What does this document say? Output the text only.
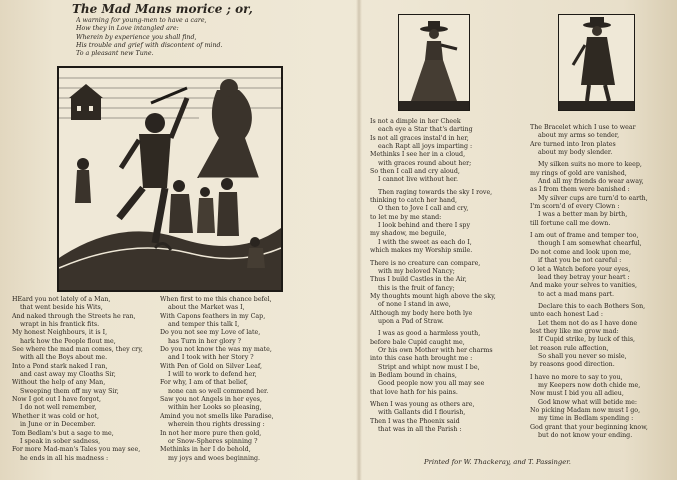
The Mad Mans morice ; or,
A warning for young-men to have a care,
How they in Love intangled are:
Wherein by experience you shall find,
His trouble and grief with discontent of mind.
To a pleasant new Tune.
HEard you not lately of a Man,
that went beside his Wits,
And naked through the Streets he ran,
wrapt in his frantick fits.
My honest Neighbours, it is I,
hark how the People flout me,
See where the mad man comes, they cry,
with all the Boys about me.
Into a Pond stark naked I ran,
and cast away my Cloaths Sir,
Without the help of any Man,
Sweeping them off my way Sir,
Now I got out I have forgot,
I do not well remember,
Whether it was cold or hot,
in June or in December.
Tom Bedlam's but a sage to me,
I speak in sober sadness,
For more Mad-man's Tales you may see,
he ends in all his madness :
When first to me this chance befel,
about the Market was I,
With Capons feathers in my Cap,
and temper this talk I,
Do you not see my Love of late,
has Turn in her glory ?
Do you not know the was my mate,
and I took with her Story ?
With Pen of Gold on Silver Leaf,
I will to work to defend her,
For why, I am of that belief,
none can so well commend her.
Saw you not Angels in her eyes,
within her Looks so pleasing,
Amind you not smells like Paradise,
wherein thou rights dressing :
In not her more pure then gold,
or Snow-Spheres spinning ?
Methinks in her I do behold,
my joys and woes beginning.
Is not a dimple in her Cheek
each eye a Star that's darting
Is not all graces instal'd in her,
each Rapt all joys imparting :
Methinks I see her in a cloud,
with graces round about her;
So then I call and cry aloud,
I cannot live without her.
Then raging towards the sky I rove,
thinking to catch her hand,
O then to Jove I call and cry,
to let me by me stand:
I look behind and there I spy
my shadow, me beguile,
I with the sweet as each do I,
which makes my Worship smile.
There is no creature can compare,
with my beloved Nancy;
Thus I build Castles in the Air,
this is the fruit of fancy;
My thoughts mount high above the sky,
of none I stand in awe,
Although my body here both lye
upon a Pad of Straw.
I was as good a harmless youth,
before bale Cupid caught me,
Or his own Mother with her charms
into this case hath brought me :
Stript and whipt now must I be,
in Bedlam bound in chains,
Good people now you all may see
that love hath for his pains.
When I was young as others are,
with Gallants did I flourish,
Then I was the Phoenix said
that was in all the Parish :
The Bracelet which I use to wear
about my arms so tender,
Are turned into Iron plates
about my body slender.
My silken suits no more to keep,
my rings of gold are vanished,
And all my friends do wear away,
as I from them were banished :
My silver cups are turn'd to earth,
I'm scorn'd of every Clown :
I was a better man by birth,
till fortune call me down.
I am out of frame and temper too,
though I am somewhat chearful,
Do not come and look upon me,
if that you be not careful :
O let a Watch before your eyes,
lead they betray your heart :
And make your selves to vanities,
to act a mad mans part.
Declare this to each Bothers Son,
unto each honest Lad :
Let them not do as I have done
lest they like me grow mad:
If Cupid strike, by luck of this,
let reason rule affection,
So shall you never so misle,
by reasons good direction.
I have no more to say to you,
my Keepers now doth chide me,
Now must I bid you all adieu,
God know what will betide me:
No picking Madam now must I go,
my time in Bedlam spending :
God grant that your beginning know,
but do not know your ending.
Printed for W. Thackeray, and T. Passinger.
